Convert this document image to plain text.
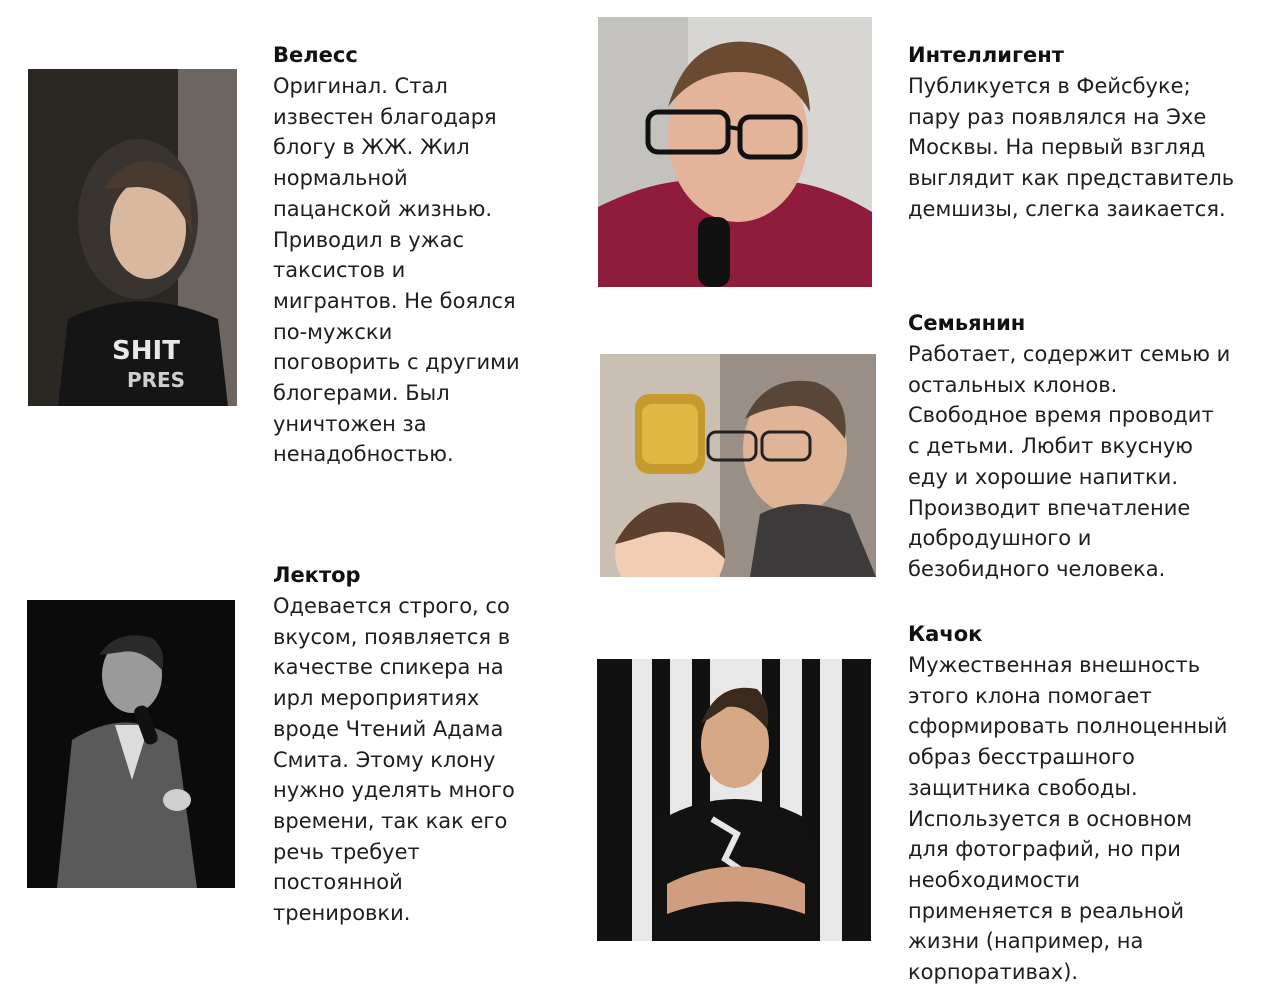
SHIT
PRES
Велесс

Оригинал. Стал
известен благодаря
блогу в ЖЖ. Жил
нормальной
пацанской жизнью.
Приводил в ужас
таксистов и
мигрантов. Не боялся
по-мужски
поговорить с другими
блогерами. Был
уничтожен за
ненадобностью.

Интеллигент

Публикуется в Фейсбуке;
пару раз появлялся на Эхе
Москвы. На первый взгляд
выглядит как представитель
демшизы, слегка заикается.

Семьянин

Работает, содержит семью и
остальных клонов.
Свободное время проводит
с детьми. Любит вкусную
еду и хорошие напитки.
Производит впечатление
добродушного и
безобидного человека.

Лектор

Одевается строго, со
вкусом, появляется в
качестве спикера на
ирл мероприятиях
вроде Чтений Адама
Смита. Этому клону
нужно уделять много
времени, так как его
речь требует
постоянной
тренировки.

Качок

Мужественная внешность
этого клона помогает
сформировать полноценный
образ бесстрашного
защитника свободы.
Используется в основном
для фотографий, но при
необходимости
применяется в реальной
жизни (например, на
корпоративах).
